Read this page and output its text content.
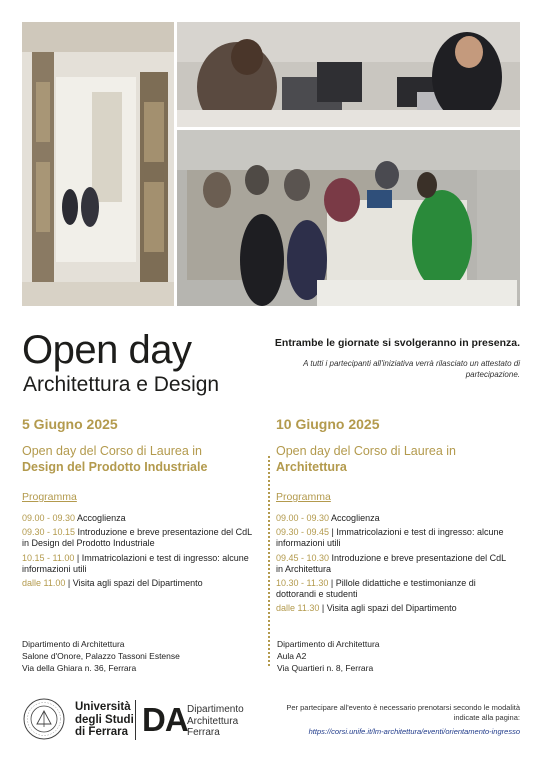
Open day
Architettura e Design
Entrambe le giornate si svolgeranno in presenza.
A tutti i partecipanti all'iniziativa verrà rilasciato un attestato di partecipazione.
5 Giugno 2025
Open day del Corso di Laurea in
Design del Prodotto Industriale
Programma
09.00 - 09.30 Accoglienza
09.30 - 10.15 Introduzione e breve presentazione del CdL in Design del Prodotto Industriale
10.15 - 11.00 | Immatricolazioni e test di ingresso: alcune informazioni utili
dalle 11.00 | Visita agli spazi del Dipartimento
10 Giugno 2025
Open day del Corso di Laurea in
Architettura
Programma
09.00 - 09.30 Accoglienza
09.30 - 09.45 | Immatricolazioni e test di ingresso: alcune informazioni utili
09.45 - 10.30 Introduzione e breve presentazione del CdL in Architettura
10.30 - 11.30 | Pillole didattiche e testimonianze di dottorandi e studenti
dalle 11.30 | Visita agli spazi del Dipartimento
Dipartimento di Architettura
Salone d'Onore, Palazzo Tassoni Estense
Via della Ghiara n. 36, Ferrara
Dipartimento di Architettura
Aula A2
Via Quartieri n. 8, Ferrara
Università
degli Studi
di Ferrara DA Dipartimento
Architettura
Ferrara
Per partecipare all'evento è necessario prenotarsi secondo le modalità indicate alla pagina:
https://corsi.unife.it/lm-architettura/eventi/orientamento-ingresso
